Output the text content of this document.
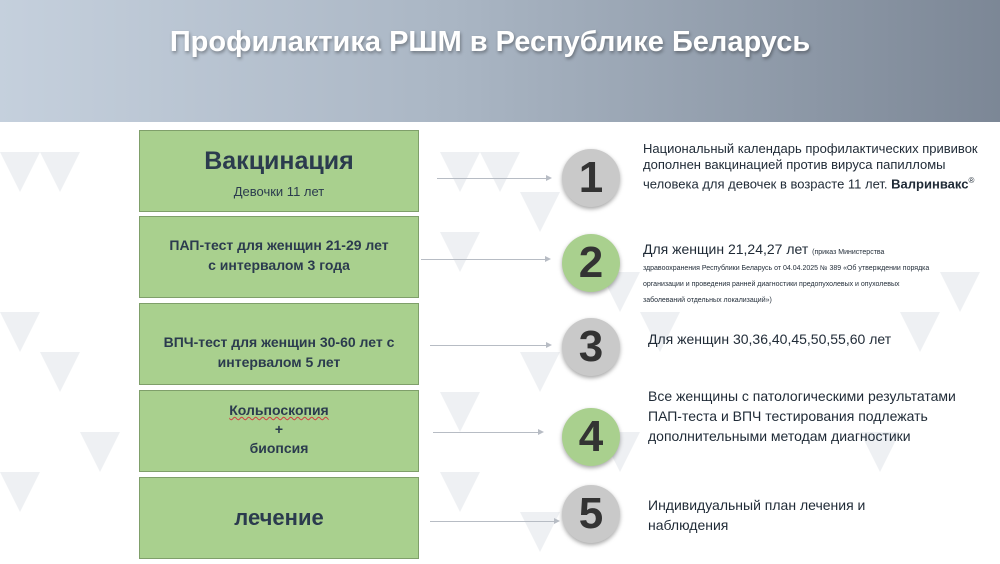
Профилактика РШМ в Республике Беларусь
Вакцинация
Девочки 11 лет	1
Национальный календарь профилактических прививок дополнен вакцинацией против вируса папилломы человека для девочек в возрасте 11 лет. Валринвакс®
ПАП-тест для женщин 21-29 лет
с интервалом 3 года	2	Для женщин 21,24,27 лет (приказ Министерства здравоохранения Республики Беларусь от 04.04.2025 № 389 «Об утверждении порядка организации и проведения ранней диагностики предопухолевых и опухолевых заболеваний отдельных локализаций»)
ВПЧ-тест для женщин 30-60 лет с
интервалом 5 лет	3	Для женщин 30,36,40,45,50,55,60 лет
Кольпоскопия
+
биопсия	4
Все женщины с патологическими результатами ПАП-теста и ВПЧ тестирования подлежать дополнительными методам диагностики
лечение	5	Индивидуальный план лечения и наблюдения
